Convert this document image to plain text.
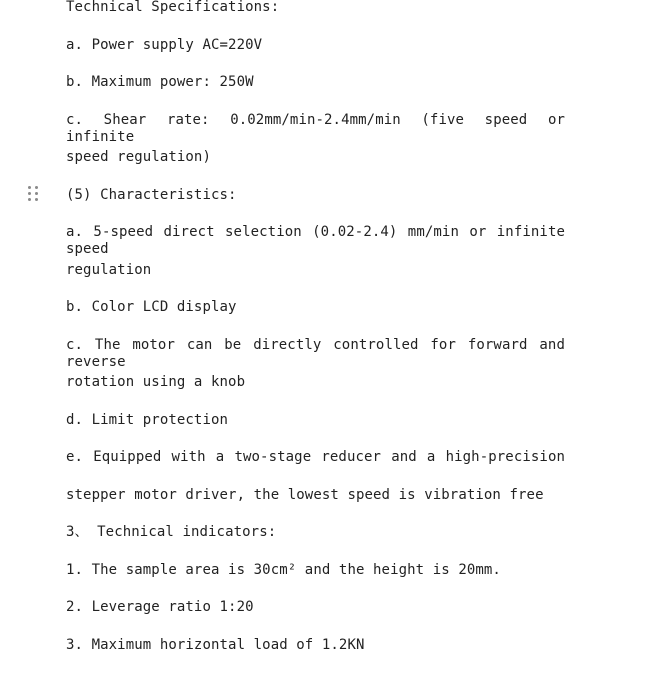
Technical Specifications:
a. Power supply AC=220V
b. Maximum power: 250W
c. Shear rate: 0.02mm/min-2.4mm/min (five speed or infinite
speed regulation)
(5) Characteristics:
a. 5-speed direct selection (0.02-2.4) mm/min or infinite speed
regulation
b. Color LCD display
c. The motor can be directly controlled for forward and reverse
rotation using a knob
d. Limit protection
e. Equipped with a two-stage reducer and a high-precision
stepper motor driver, the lowest speed is vibration free
3、 Technical indicators:
1. The sample area is 30cm² and the height is 20mm.
2. Leverage ratio 1:20
3. Maximum horizontal load of 1.2KN
